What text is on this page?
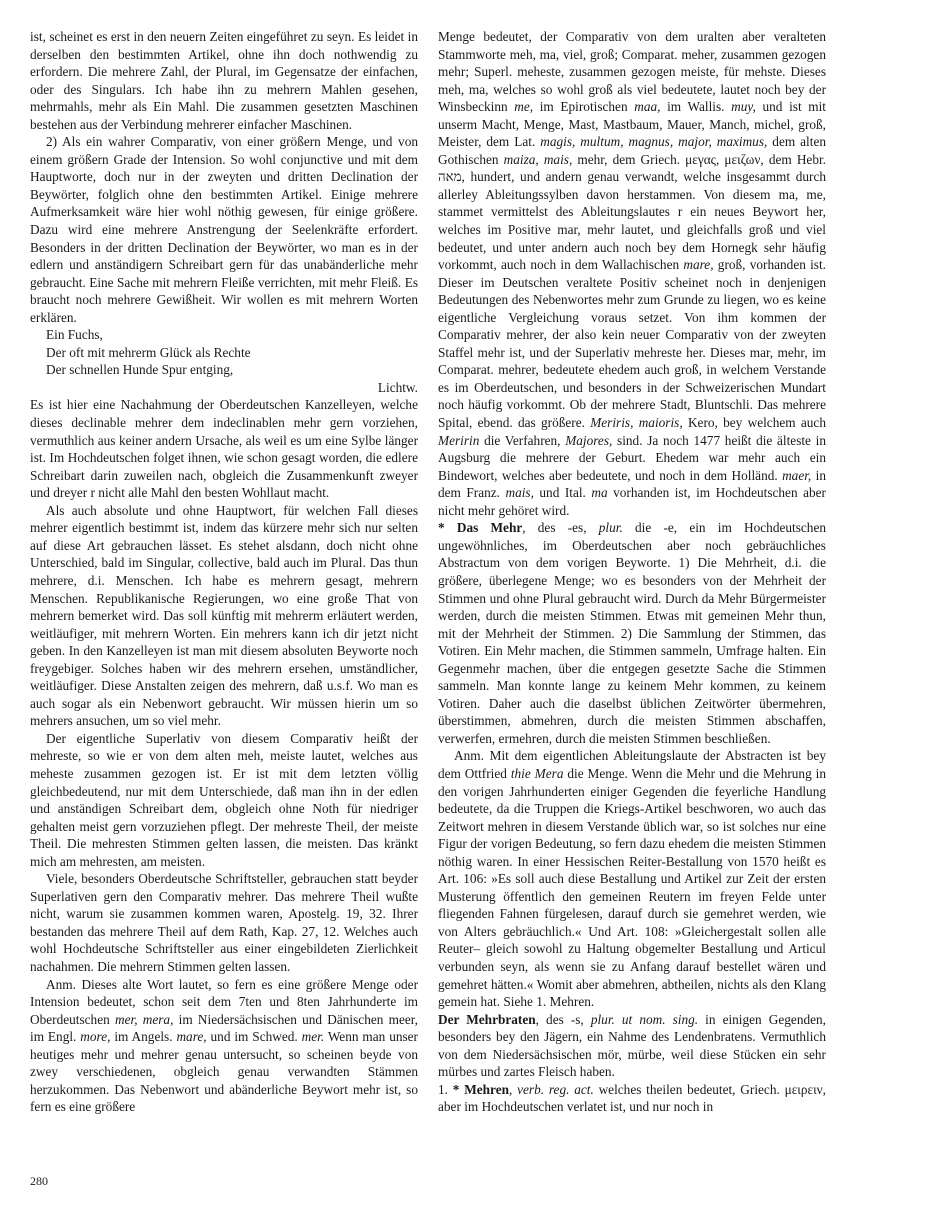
ist, scheinet es erst in den neuern Zeiten eingeführet zu seyn. Es leidet in derselben den bestimmten Artikel, ohne ihn doch nothwendig zu erfordern. Die mehrere Zahl, der Plural, im Gegensatze der einfachen, oder des Singulars. Ich habe ihn zu mehrern Mahlen gesehen, mehrmahls, mehr als Ein Mahl. Die zusammen gesetzten Maschinen bestehen aus der Verbindung mehrerer einfacher Maschinen.

2) Als ein wahrer Comparativ, von einer größern Menge, und von einem größern Grade der Intension. So wohl conjunctive und mit dem Hauptworte, doch nur in der zweyten und dritten Declination der Beywörter, folglich ohne den bestimmten Artikel. Einige mehrere Aufmerksamkeit wäre hier wohl nöthig gewesen, für einige größere. Dazu wird eine mehrere Anstrengung der Seelenkräfte erfordert. Besonders in der dritten Declination der Beywörter, wo man es in der edlern und anständigern Schreibart gern für das unabänderliche mehr gebraucht. Eine Sache mit mehrern Fleiße verrichten, mit mehr Fleiß. Es braucht noch mehrere Gewißheit. Wir wollen es mit mehrern Worten erklären.

Ein Fuchs,

Der oft mit mehrerm Glück als Rechte

Der schnellen Hunde Spur entging,

Lichtw.

Es ist hier eine Nachahmung der Oberdeutschen Kanzelleyen, welche dieses declinable mehrer dem indeclinablen mehr gern vorziehen, vermuthlich aus keiner andern Ursache, als weil es um eine Sylbe länger ist. Im Hochdeutschen folget ihnen, wie schon gesagt worden, die edlere Schreibart darin zuweilen nach, obgleich die Zusammenkunft zweyer und dreyer r nicht alle Mahl den besten Wohllaut macht.

Als auch absolute und ohne Hauptwort, für welchen Fall dieses mehrer eigentlich bestimmt ist, indem das kürzere mehr sich nur selten auf diese Art gebrauchen lässet. Es stehet alsdann, doch nicht ohne Unterschied, bald im Singular, collective, bald auch im Plural. Das thun mehrere, d.i. Menschen. Ich habe es mehrern gesagt, mehrern Menschen. Republikanische Regierungen, wo eine große That von mehrern bemerket wird. Das soll künftig mit mehrerm erläutert werden, weitläufiger, mit mehrern Worten. Ein mehrers kann ich dir jetzt nicht geben. In den Kanzelleyen ist man mit diesem absoluten Beyworte noch freygebiger. Solches haben wir des mehrern ersehen, umständlicher, weitläufiger. Diese Anstalten zeigen des mehrern, daß u.s.f. Wo man es auch sogar als ein Nebenwort gebraucht. Wir müssen hierin um so mehrers ansuchen, um so viel mehr.

Der eigentliche Superlativ von diesem Comparativ heißt der mehreste, so wie er von dem alten meh, meiste lautet, welches aus meheste zusammen gezogen ist. Er ist mit dem letzten völlig gleichbedeutend, nur mit dem Unterschiede, daß man ihn in der edlen und anständigen Schreibart dem, obgleich ohne Noth für niedriger gehalten meist gern vorzuziehen pflegt. Der mehreste Theil, der meiste Theil. Die mehresten Stimmen gelten lassen, die meisten. Das kränkt mich am mehresten, am meisten.

Viele, besonders Oberdeutsche Schriftsteller, gebrauchen statt beyder Superlativen gern den Comparativ mehrer. Das mehrere Theil wußte nicht, warum sie zusammen kommen waren, Apostelg. 19, 32. Ihrer bestanden das mehrere Theil auf dem Rath, Kap. 27, 12. Welches auch wohl Hochdeutsche Schriftsteller aus einer eingebildeten Zierlichkeit nachahmen. Die mehrern Stimmen gelten lassen.

Anm. Dieses alte Wort lautet, so fern es eine größere Menge oder Intension bedeutet, schon seit dem 7ten und 8ten Jahrhunderte im Oberdeutschen mer, mera, im Niedersächsischen und Dänischen meer, im Engl. more, im Angels. mare, und im Schwed. mer. Wenn man unser heutiges mehr und mehrer genau untersucht, so scheinen beyde von zwey verschiedenen, obgleich genau verwandten Stämmen herzukommen. Das Nebenwort und abänderliche Beywort mehr ist, so fern es eine größere

Menge bedeutet, der Comparativ von dem uralten aber veralteten Stammworte meh, ma, viel, groß; Comparat. meher, zusammen gezogen mehr; Superl. meheste, zusammen gezogen meiste, für mehste. Dieses meh, ma, welches so wohl groß als viel bedeutete, lautet noch bey der Winsbeckinn me, im Epirotischen maa, im Wallis. muy, und ist mit unserm Macht, Menge, Mast, Mastbaum, Mauer, Manch, michel, groß, Meister, dem Lat. magis, multum, magnus, major, maximus, dem alten Gothischen maiza, mais, mehr, dem Griech. μεγας, μειζων, dem Hebr. מאה, hundert, und andern genau verwandt, welche insgesammt durch allerley Ableitungssylben davon herstammen. Von diesem ma, me, stammet vermittelst des Ableitungslautes r ein neues Beywort her, welches im Positive mar, mehr lautet, und gleichfalls groß und viel bedeutet, und unter andern auch noch bey dem Hornegk sehr häufig vorkommt, auch noch in dem Wallachischen mare, groß, vorhanden ist. Dieser im Deutschen veraltete Positiv scheinet noch in denjenigen Bedeutungen des Nebenwortes mehr zum Grunde zu liegen, wo es keine eigentliche Vergleichung voraus setzet. Von ihm kommen der Comparativ mehrer, der also kein neuer Comparativ von der zweyten Staffel mehr ist, und der Superlativ mehreste her. Dieses mar, mehr, im Comparat. mehrer, bedeutete ehedem auch groß, in welchem Verstande es im Oberdeutschen, und besonders in der Schweizerischen Mundart noch häufig vorkommt. Ob der mehrere Stadt, Bluntschli. Das mehrere Spital, ebend. das größere. Meriris, maioris, Kero, bey welchem auch Meririn die Verfahren, Majores, sind. Ja noch 1477 heißt die älteste in Augsburg die mehrere der Geburt. Ehedem war mehr auch ein Bindewort, welches aber bedeutete, und noch in dem Holländ. maer, in dem Franz. mais, und Ital. ma vorhanden ist, im Hochdeutschen aber nicht mehr gehöret wird.

* Das Mehr, des -es, plur. die -e, ein im Hochdeutschen ungewöhnliches, im Oberdeutschen aber noch gebräuchliches Abstractum von dem vorigen Beyworte. 1) Die Mehrheit, d.i. die größere, überlegene Menge; wo es besonders von der Mehrheit der Stimmen und ohne Plural gebraucht wird. Durch da Mehr Bürgermeister werden, durch die meisten Stimmen. Etwas mit gemeinen Mehr thun, mit der Mehrheit der Stimmen. 2) Die Sammlung der Stimmen, das Votiren. Ein Mehr machen, die Stimmen sammeln, Umfrage halten. Ein Gegenmehr machen, über die entgegen gesetzte Sache die Stimmen sammeln. Man konnte lange zu keinem Mehr kommen, zu keinem Votiren. Daher auch die daselbst üblichen Zeitwörter übermehren, überstimmen, abmehren, durch die meisten Stimmen abschaffen, verwerfen, ermehren, durch die meisten Stimmen beschließen.

Anm. Mit dem eigentlichen Ableitungslaute der Abstracten ist bey dem Ottfried thie Mera die Menge. Wenn die Mehr und die Mehrung in den vorigen Jahrhunderten einiger Gegenden die feyerliche Handlung bedeutete, da die Truppen die Kriegs-Artikel beschworen, wo auch das Zeitwort mehren in diesem Verstande üblich war, so ist solches nur eine Figur der vorigen Bedeutung, so fern dazu ehedem die meisten Stimmen nöthig waren. In einer Hessischen Reiter-Bestallung von 1570 heißt es Art. 106: »Es soll auch diese Bestallung und Artikel zur Zeit der ersten Musterung öffentlich den gemeinen Reutern im freyen Felde unter fliegenden Fahnen fürgelesen, darauf durch sie gemehret werden, wie von Alters gebräuchlich.« Und Art. 108: »Gleichergestalt sollen alle Reuter– gleich sowohl zu Haltung obgemelter Bestallung und Articul verbunden seyn, als wenn sie zu Anfang darauf bestellet wären und gemehret hätten.« Womit aber abmehren, abtheilen, nichts als den Klang gemein hat. Siehe 1. Mehren.

Der Mehrbraten, des -s, plur. ut nom. sing. in einigen Gegenden, besonders bey den Jägern, ein Nahme des Lendenbratens. Vermuthlich von dem Niedersächsischen mör, mürbe, weil diese Stücken ein sehr mürbes und zartes Fleisch haben.

1. * Mehren, verb. reg. act. welches theilen bedeutet, Griech. μειρειν, aber im Hochdeutschen verlatet ist, und nur noch in

280
